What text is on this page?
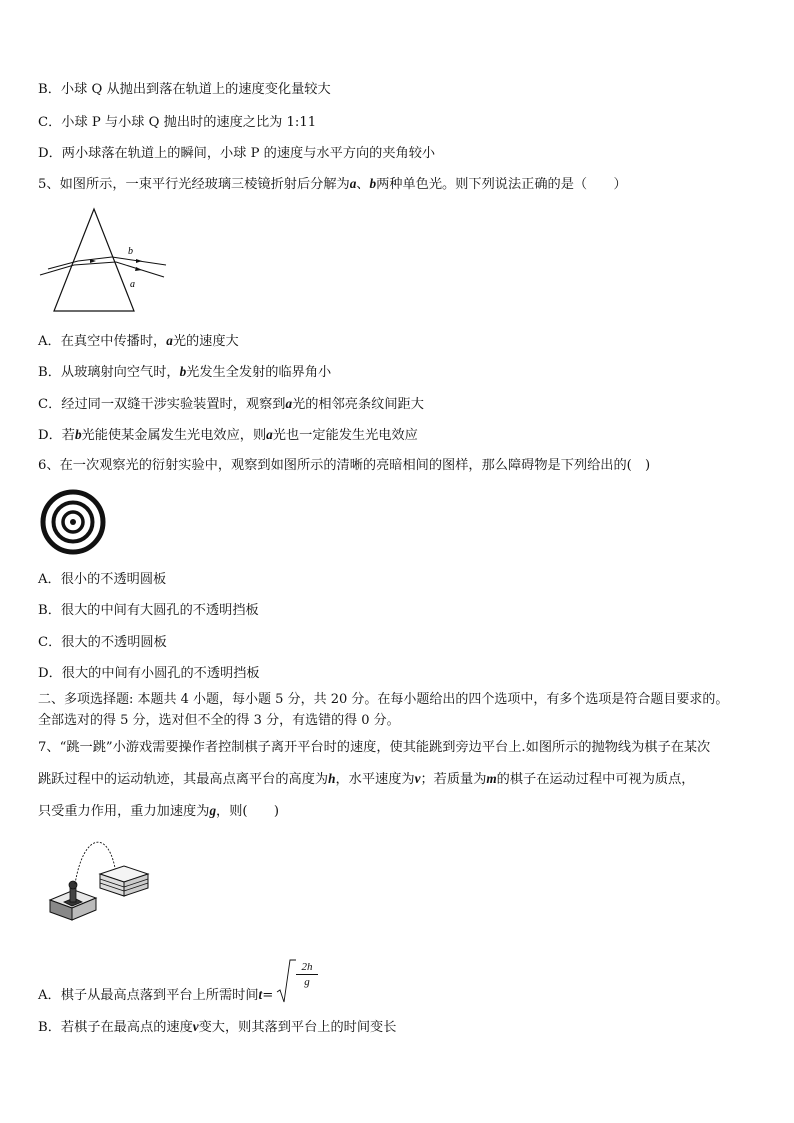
B．小球 Q 从抛出到落在轨道上的速度变化量较大
C．小球 P 与小球 Q 抛出时的速度之比为 1:11
D．两小球落在轨道上的瞬间，小球 P 的速度与水平方向的夹角较小
5、如图所示，一束平行光经玻璃三棱镜折射后分解为a、b两种单色光。则下列说法正确的是（　　）
b
a
A．在真空中传播时，a光的速度大
B．从玻璃射向空气时，b光发生全发射的临界角小
C．经过同一双缝干涉实验装置时，观察到a光的相邻亮条纹间距大
D．若b光能使某金属发生光电效应，则a光也一定能发生光电效应
6、在一次观察光的衍射实验中，观察到如图所示的清晰的亮暗相间的图样，那么障碍物是下列给出的(　)
A．很小的不透明圆板
B．很大的中间有大圆孔的不透明挡板
C．很大的不透明圆板
D．很大的中间有小圆孔的不透明挡板
二、多项选择题: 本题共 4 小题，每小题 5 分，共 20 分。在每小题给出的四个选项中，有多个选项是符合题目要求的。
全部选对的得 5 分，选对但不全的得 3 分，有选错的得 0 分。
7、“跳一跳”小游戏需要操作者控制棋子离开平台时的速度，使其能跳到旁边平台上.如图所示的抛物线为棋子在某次
跳跃过程中的运动轨迹，其最高点离平台的高度为h，水平速度为v；若质量为m的棋子在运动过程中可视为质点，
只受重力作用，重力加速度为g，则(　　)
A．棋子从最高点落到平台上所需时间t=
$\frac{2h}{g}$
B．若棋子在最高点的速度v变大，则其落到平台上的时间变长
